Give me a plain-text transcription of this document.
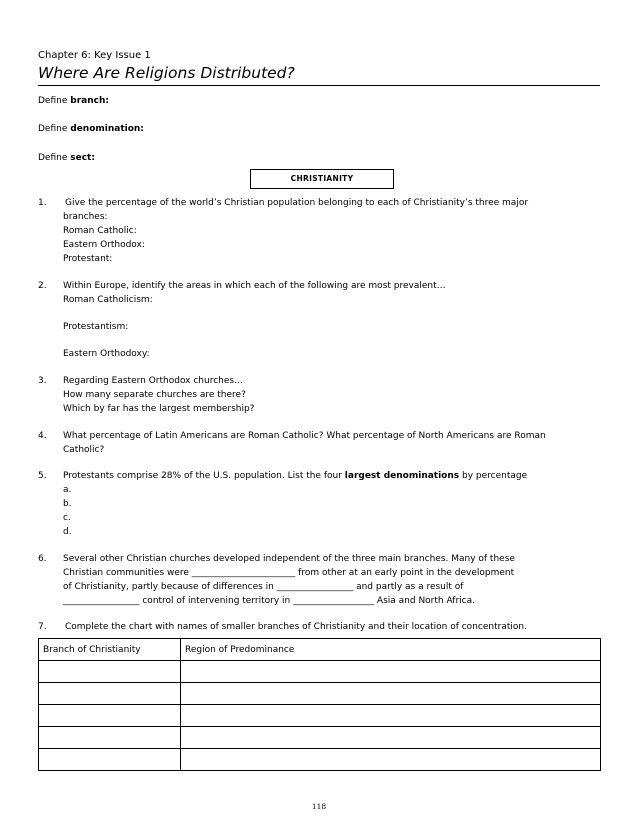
Chapter 6: Key Issue 1
Where Are Religions Distributed?
Define branch:
Define denomination:
Define sect:
CHRISTIANITY
1. Give the percentage of the world’s Christian population belonging to each of Christianity’s three major
branches:
Roman Catholic:
Eastern Orthodox:
Protestant:
2. Within Europe, identify the areas in which each of the following are most prevalent…
Roman Catholicism:
Protestantism:
Eastern Orthodoxy:
3. Regarding Eastern Orthodox churches…
How many separate churches are there?
Which by far has the largest membership?
4. What percentage of Latin Americans are Roman Catholic? What percentage of North Americans are Roman
Catholic?
5. Protestants comprise 28% of the U.S. population. List the four largest denominations by percentage
a.
b.
c.
d.
6. Several other Christian churches developed independent of the three main branches. Many of these
Christian communities were _______________________ from other at an early point in the development
of Christianity, partly because of differences in _________________ and partly as a result of
_________________ control of intervening territory in __________________ Asia and North Africa.
7. Complete the chart with names of smaller branches of Christianity and their location of concentration.
Branch of Christianity	Region of Predominance

118
